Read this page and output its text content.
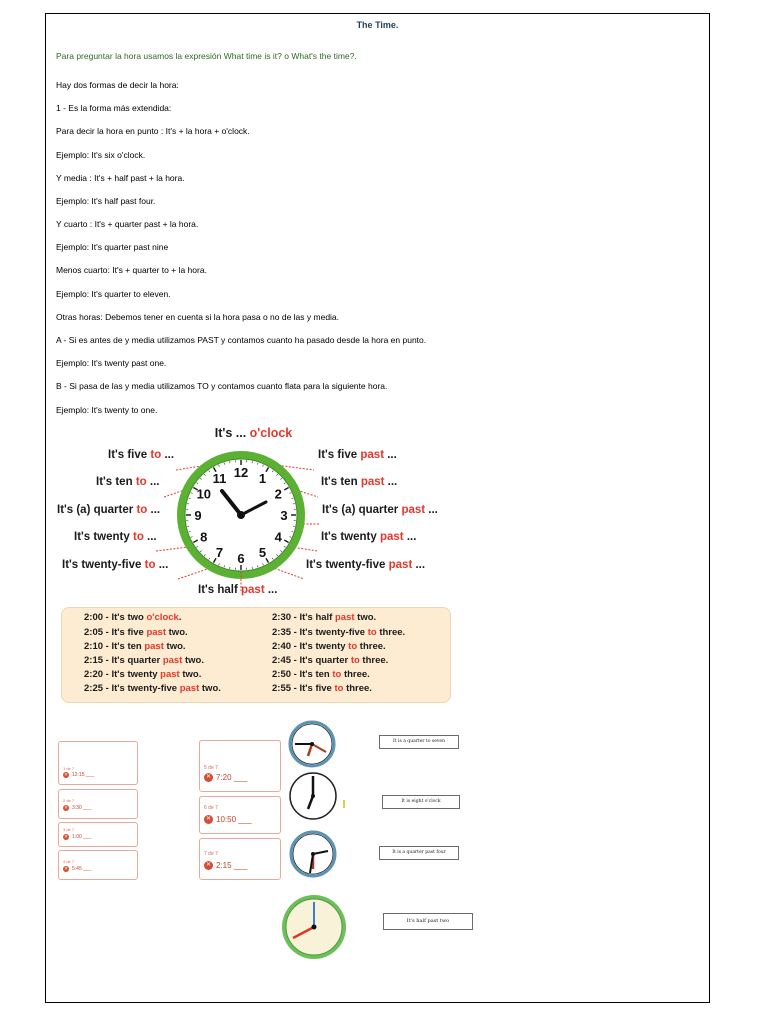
The Time.
Para preguntar la hora usamos la expresión What time is it? o What's the time?.
Hay dos formas de decir la hora:
1 - Es la forma más extendida:
Para decir la hora en punto : It's + la hora + o'clock.
Ejemplo: It's six o'clock.
Y media : It's + half past + la hora.
Ejemplo: It's half past four.
Y cuarto : It's + quarter past + la hora.
Ejemplo: It's quarter past nine
Menos cuarto: It's + quarter to + la hora.
Ejemplo: It's quarter to eleven.
Otras horas: Debemos tener en cuenta si la hora pasa o no de las y media.
A - Si es antes de y media utilizamos PAST y contamos cuanto ha pasado desde la hora en punto.
Ejemplo: It's twenty past one.
B - Si pasa de las y media utilizamos TO y contamos cuanto flata para la siguiente hora.
Ejemplo: It's twenty to one.
It's ... o'clock
12 1
2
3
4
5
6
7
8
9
10
11
It's five to ...
It's ten to ...
It's (a) quarter to ...
It's twenty to ...
It's twenty-five to ...
It's five past ...
It's ten past ...
It's (a) quarter past ...
It's twenty past ...
It's twenty-five past ...
It's half past ...
2:00 - It's two o'clock.
2:05 - It's five past two.
2:10 - It's ten past two.
2:15 - It's quarter past two.
2:20 - It's twenty past two.
2:25 - It's twenty-five past two.
2:30 - It's half past two.
2:35 - It's twenty-five to three.
2:40 - It's twenty to three.
2:45 - It's quarter to three.
2:50 - It's ten to three.
2:55 - It's five to three.
1 de 7
✕ 12:15 ___
2 de 7
✕ 3:30 ___
3 de 7
✕ 1:00 ___
4 de 7
✕ 5:45 ___
5 de 7
✕ 7:20 ___
6 de 7
✕ 10:50 ___
7 de 7
✕ 2:15 ___
It is a quarter to seven
It is eight o'clock
It is a quarter past four
It's half past two
